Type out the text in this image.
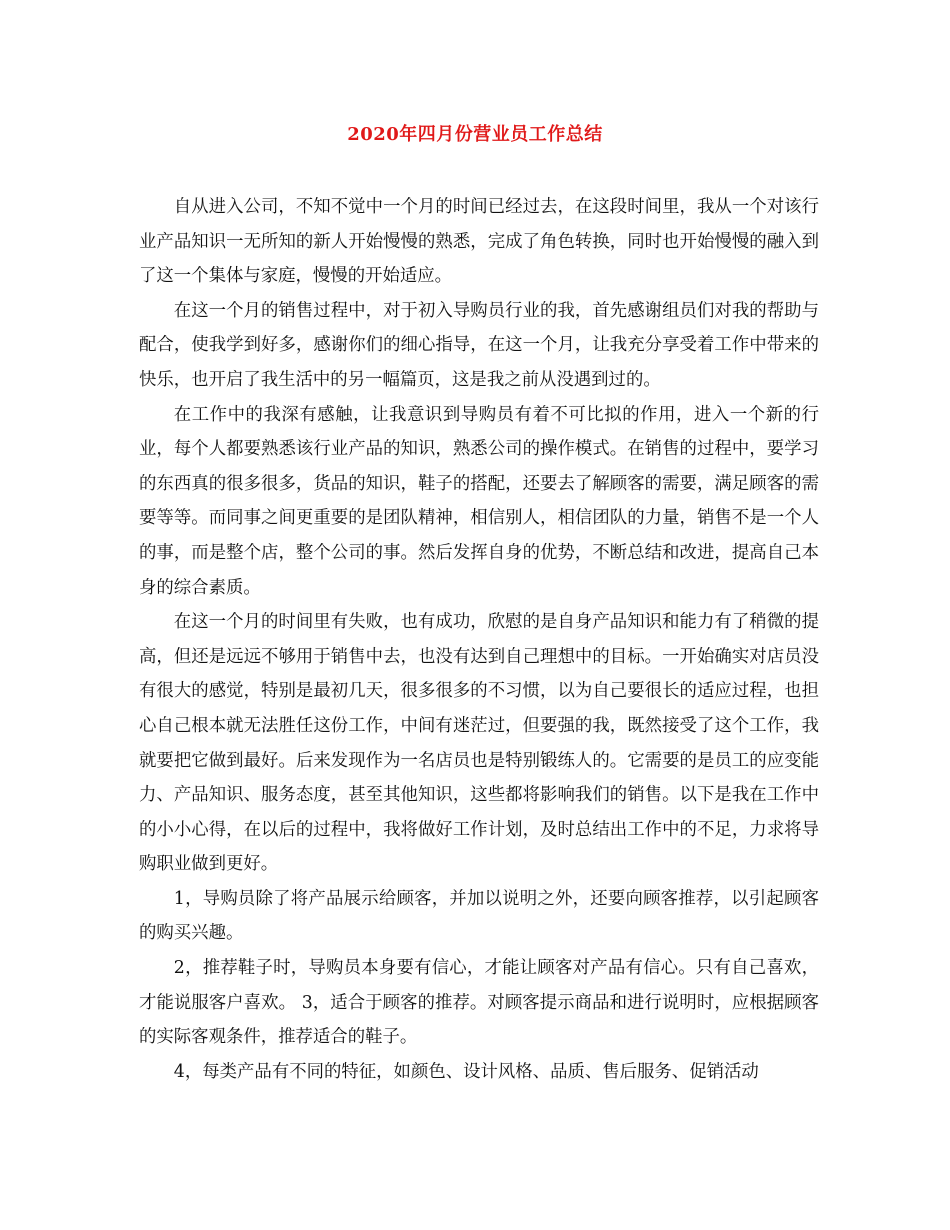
2020年四月份营业员工作总结

自从进入公司，不知不觉中一个月的时间已经过去，在这段时间里，我从一个对该行业产品知识一无所知的新人开始慢慢的熟悉，完成了角色转换，同时也开始慢慢的融入到了这一个集体与家庭，慢慢的开始适应。

在这一个月的销售过程中，对于初入导购员行业的我，首先感谢组员们对我的帮助与配合，使我学到好多，感谢你们的细心指导，在这一个月，让我充分享受着工作中带来的快乐，也开启了我生活中的另一幅篇页，这是我之前从没遇到过的。

在工作中的我深有感触，让我意识到导购员有着不可比拟的作用，进入一个新的行业，每个人都要熟悉该行业产品的知识，熟悉公司的操作模式。在销售的过程中，要学习的东西真的很多很多，货品的知识，鞋子的搭配，还要去了解顾客的需要，满足顾客的需要等等。而同事之间更重要的是团队精神，相信别人，相信团队的力量，销售不是一个人的事，而是整个店，整个公司的事。然后发挥自身的优势，不断总结和改进，提高自己本身的综合素质。

在这一个月的时间里有失败，也有成功，欣慰的是自身产品知识和能力有了稍微的提高，但还是远远不够用于销售中去，也没有达到自己理想中的目标。一开始确实对店员没有很大的感觉，特别是最初几天，很多很多的不习惯，以为自己要很长的适应过程，也担心自己根本就无法胜任这份工作，中间有迷茫过，但要强的我，既然接受了这个工作，我就要把它做到最好。后来发现作为一名店员也是特别锻练人的。它需要的是员工的应变能力、产品知识、服务态度，甚至其他知识，这些都将影响我们的销售。以下是我在工作中的小小心得，在以后的过程中，我将做好工作计划，及时总结出工作中的不足，力求将导购职业做到更好。

1，导购员除了将产品展示给顾客，并加以说明之外，还要向顾客推荐，以引起顾客的购买兴趣。

2，推荐鞋子时，导购员本身要有信心，才能让顾客对产品有信心。只有自己喜欢，才能说服客户喜欢。 3，适合于顾客的推荐。对顾客提示商品和进行说明时，应根据顾客的实际客观条件，推荐适合的鞋子。

4，每类产品有不同的特征，如颜色、设计风格、品质、售后服务、促销活动
